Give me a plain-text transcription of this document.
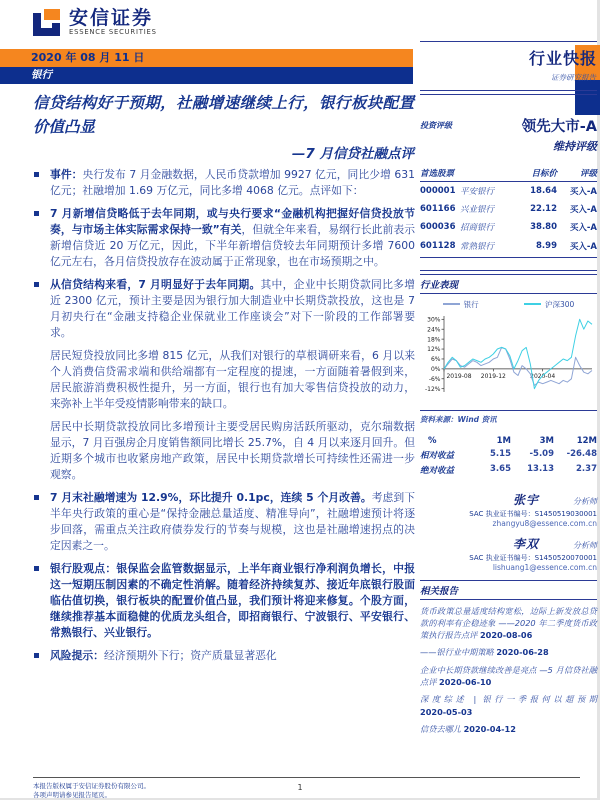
安信证券
ESSENCE SECURITIES
2020 年 08 月 11 日
银行
信贷结构好于预期，社融增速继续上行，银行板块配置价值凸显
—7 月信贷社融点评

事件：央行发布 7 月金融数据，人民币贷款增加 9927 亿元，同比少增 631 亿元；社融增加 1.69 万亿元，同比多增 4068 亿元。点评如下：

7 月新增信贷略低于去年同期，或与央行要求“金融机构把握好信贷投放节奏，与市场主体实际需求保持一致”有关，但就全年来看，易纲行长此前表示新增信贷近 20 万亿元，因此，下半年新增信贷较去年同期预计多增 7600 亿元左右，各月信贷投放存在波动属于正常现象，也在市场预期之中。

从信贷结构来看，7 月明显好于去年同期。其中，企业中长期贷款同比多增近 2300 亿元，预计主要是因为银行加大制造业中长期贷款投放，这也是 7 月初央行在“金融支持稳企业保就业工作座谈会”对下一阶段的工作部署要求。

居民短贷投放同比多增 815 亿元，从我们对银行的草根调研来看，6 月以来个人消费信贷需求端和供给端都有一定程度的提速，一方面随着暑假到来，居民旅游消费积极性提升，另一方面，银行也有加大零售信贷投放的动力，来弥补上半年受疫情影响带来的缺口。

居民中长期贷款投放同比多增预计主要受居民购房活跃所驱动，克尔瑞数据显示，7 月百强房企月度销售额同比增长 25.7%，自 4 月以来逐月回升。但近期多个城市也收紧房地产政策，居民中长期贷款增长可持续性还需进一步观察。

7 月末社融增速为 12.9%，环比提升 0.1pc，连续 5 个月改善。考虑到下半年央行政策的重心是“保持金融总量适度、精准导向”，社融增速预计将逐步回落，需重点关注政府债券发行的节奏与规模，这也是社融增速拐点的决定因素之一。

银行股观点：银保监会监管数据显示，上半年商业银行净利润负增长，中报这一短期压制因素的不确定性消解。随着经济持续复苏、接近年底银行股面临估值切换，银行板块的配置价值凸显，我们预计将迎来修复。个股方面，继续推荐基本面稳健的优质龙头组合，即招商银行、宁波银行、平安银行、常熟银行、兴业银行。

风险提示：经济预期外下行；资产质量显著恶化

行业快报
证券研究报告
投资评级	领先大市-A
维持评级
首选股票	目标价	评级
000001 平安银行	18.64	买入-A
601166 兴业银行	22.12	买入-A
600036 招商银行	38.80	买入-A
601128 常熟银行	8.99	买入-A
行业表现
银行	沪深300
30%
24%
18%
12%
6%
0%
-6%
-12%
2019-08 2019-12	2020-04
资料来源：Wind 资讯
%	1M	3M	12M
相对收益	5.15	-5.09	-26.48
绝对收益	3.65	13.13	2.37
张宇	分析师
SAC 执业证书编号：S1450519030001
zhangyu8@essence.com.cn
李双	分析师
SAC 执业证书编号：S1450520070001
lishuang1@essence.com.cn
相关报告

货币政策总量适度结构宽松，边际上新发放总贷款的利率有企稳迹象 ——2020 年二季度货币政策执行报告点评 2020-08-06

——银行业中期策略 2020-06-28

企业中长期贷款继续改善是亮点 —5 月信贷社融点评 2020-06-10

深度综述 | 银行一季报何以超预期 2020-05-03

信贷去哪儿 2020-04-12

本报告版权属于安信证券股份有限公司。
各项声明请参见报告尾页。
1
